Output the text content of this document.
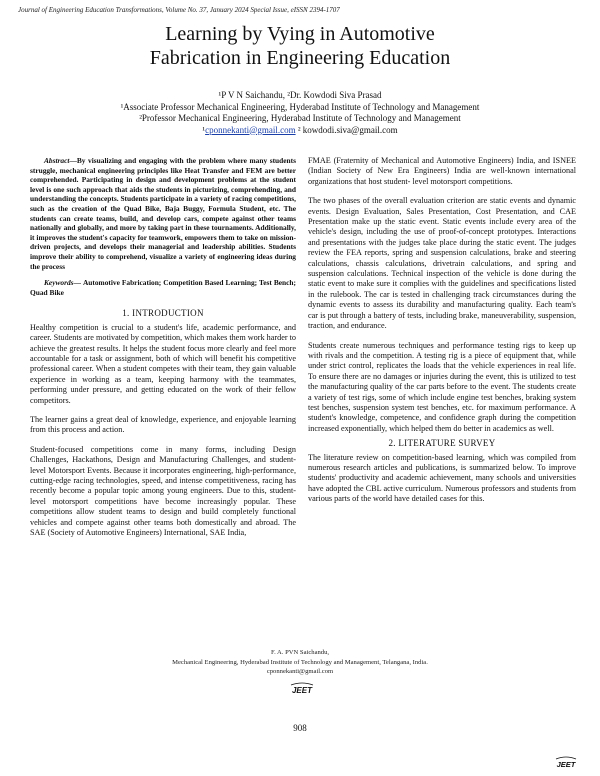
Journal of Engineering Education Transformations, Volume No. 37, January 2024 Special Issue, eISSN 2394-1707
Learning by Vying in Automotive
Fabrication in Engineering Education
¹P V N Saichandu, ²Dr. Kowdodi Siva Prasad
¹Associate Professor Mechanical Engineering, Hyderabad Institute of Technology and Management
²Professor Mechanical Engineering, Hyderabad Institute of Technology and Management
¹cponnekanti@gmail.com ² kowdodi.siva@gmail.com

Abstract—By visualizing and engaging with the problem where many students struggle, mechanical engineering principles like Heat Transfer and FEM are better comprehended. Participating in design and development problems at the student level is one such approach that aids the students in picturizing, comprehending, and understanding the concepts. Students participate in a variety of racing competitions, such as the creation of the Quad Bike, Baja Buggy, Formula Student, etc. The students can create teams, build, and develop cars, compete against other teams nationally and globally, and more by taking part in these tournaments. Additionally, it improves the student's capacity for teamwork, empowers them to take on mission-driven projects, and develops their managerial and leadership abilities. Students improve their ability to comprehend, visualize a variety of engineering ideas during the process

Keywords— Automotive Fabrication; Competition Based Learning; Test Bench; Quad Bike

1. INTRODUCTION

Healthy competition is crucial to a student's life, academic performance, and career. Students are motivated by competition, which makes them work harder to achieve the greatest results. It helps the student focus more clearly and feel more accountable for a task or assignment, both of which will benefit his competitive professional career. When a student competes with their team, they gain valuable experience in working as a team, keeping harmony with the teammates, performing under pressure, and getting educated on the work of their fellow competitors.

The learner gains a great deal of knowledge, experience, and enjoyable learning from this process and action.

Student-focused competitions come in many forms, including Design Challenges, Hackathons, Design and Manufacturing Challenges, and student-level Motorsport Events. Because it incorporates engineering, high-performance, cutting-edge racing technologies, speed, and intense competitiveness, racing has recently become a popular topic among young engineers. Due to this, student-level motorsport competitions have become increasingly popular. These competitions allow student teams to design and build completely functional vehicles and compete against other teams both domestically and abroad. The SAE (Society of Automotive Engineers) International, SAE India,

FMAE (Fraternity of Mechanical and Automotive Engineers) India, and ISNEE (Indian Society of New Era Engineers) India are well-known international organizations that host student- level motorsport competitions.

The two phases of the overall evaluation criterion are static events and dynamic events. Design Evaluation, Sales Presentation, Cost Presentation, and CAE Presentation make up the static event. Static events include every area of the vehicle's design, including the use of proof-of-concept prototypes. Interactions and presentations with the judges take place during the static event. The judges review the FEA reports, spring and suspension calculations, brake and steering calculations, chassis calculations, drivetrain calculations, and spring and suspension calculations. Technical inspection of the vehicle is done during the static event to make sure it complies with the guidelines and specifications listed in the rulebook. The car is tested in challenging track circumstances during the dynamic events to assess its durability and manufacturing quality. Each team's car is put through a battery of tests, including brake, maneuverability, suspension, traction, and endurance.

Students create numerous techniques and performance testing rigs to keep up with rivals and the competition. A testing rig is a piece of equipment that, while under strict control, replicates the loads that the vehicle experiences in real life. To ensure there are no damages or injuries during the event, this is utilized to test the manufacturing quality of the car parts before to the event. The students create a variety of test rigs, some of which include engine test benches, braking system test benches, suspension system test benches, etc. for maximum performance. A student's knowledge, competence, and confidence graph during the competition increased exponentially, which helped them do better in academics as well.

2. LITERATURE SURVEY

The literature review on competition-based learning, which was compiled from numerous research articles and publications, is summarized below. To improve students' productivity and academic achievement, many schools and universities have adopted the CBL active curriculum. Numerous professors and students from various parts of the world have detailed cases for this.

F. A. PVN Saichandu,
Mechanical Engineering, Hyderabad Institute of Technology and Management, Telangana, India.
cponnekanti@gmail.com
JEET
908
JEET
